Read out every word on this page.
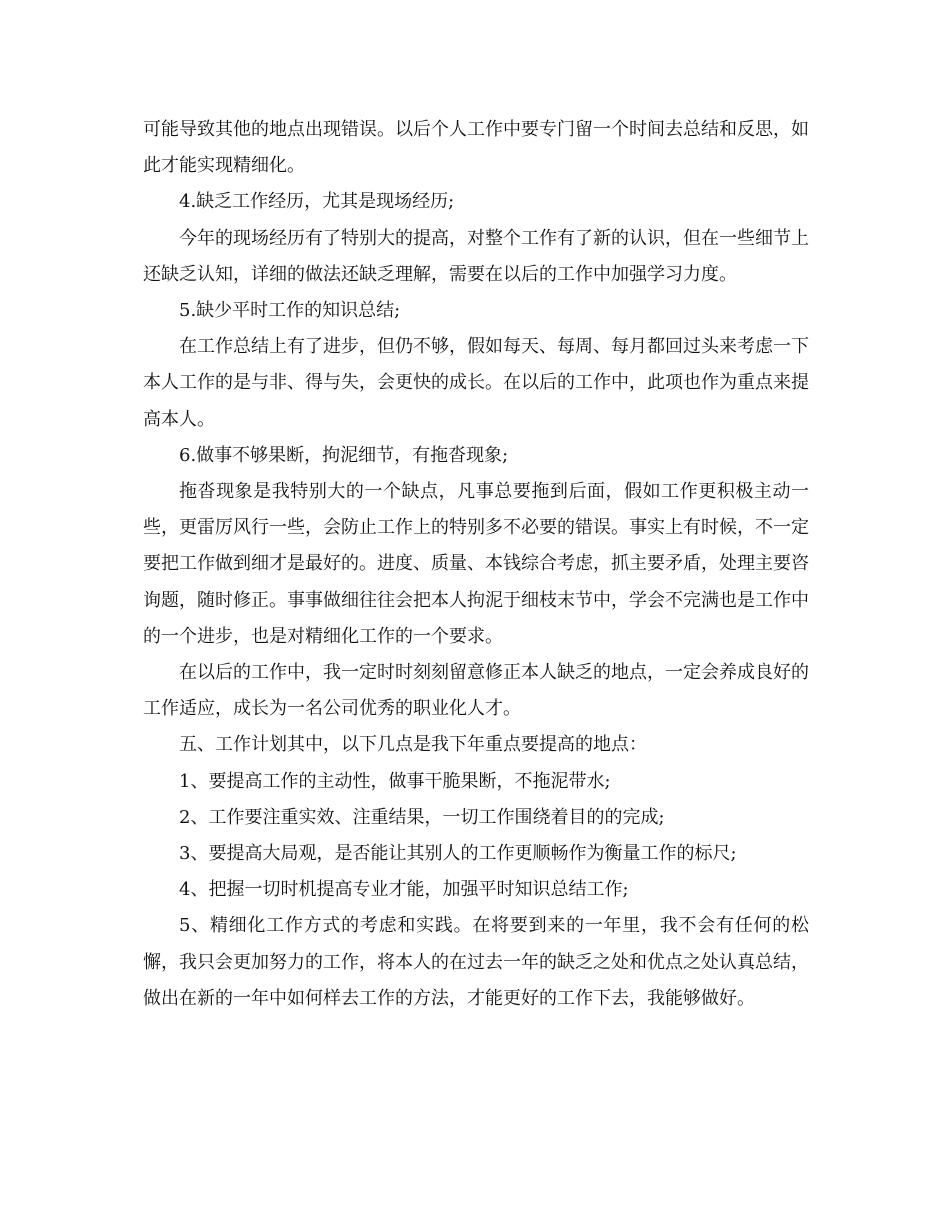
可能导致其他的地点出现错误。以后个人工作中要专门留一个时间去总结和反思，如此才能实现精细化。

4.缺乏工作经历，尤其是现场经历;

今年的现场经历有了特别大的提高，对整个工作有了新的认识，但在一些细节上还缺乏认知，详细的做法还缺乏理解，需要在以后的工作中加强学习力度。

5.缺少平时工作的知识总结;

在工作总结上有了进步，但仍不够，假如每天、每周、每月都回过头来考虑一下本人工作的是与非、得与失，会更快的成长。在以后的工作中，此项也作为重点来提高本人。

6.做事不够果断，拘泥细节，有拖沓现象;

拖沓现象是我特别大的一个缺点，凡事总要拖到后面，假如工作更积极主动一些，更雷厉风行一些，会防止工作上的特别多不必要的错误。事实上有时候，不一定要把工作做到细才是最好的。进度、质量、本钱综合考虑，抓主要矛盾，处理主要咨询题，随时修正。事事做细往往会把本人拘泥于细枝末节中，学会不完满也是工作中的一个进步，也是对精细化工作的一个要求。

在以后的工作中，我一定时时刻刻留意修正本人缺乏的地点，一定会养成良好的工作适应，成长为一名公司优秀的职业化人才。

五、工作计划其中，以下几点是我下年重点要提高的地点：

1、要提高工作的主动性，做事干脆果断，不拖泥带水;

2、工作要注重实效、注重结果，一切工作围绕着目的的完成;

3、要提高大局观，是否能让其别人的工作更顺畅作为衡量工作的标尺;

4、把握一切时机提高专业才能，加强平时知识总结工作;

5、精细化工作方式的考虑和实践。在将要到来的一年里，我不会有任何的松懈，我只会更加努力的工作，将本人的在过去一年的缺乏之处和优点之处认真总结，做出在新的一年中如何样去工作的方法，才能更好的工作下去，我能够做好。
